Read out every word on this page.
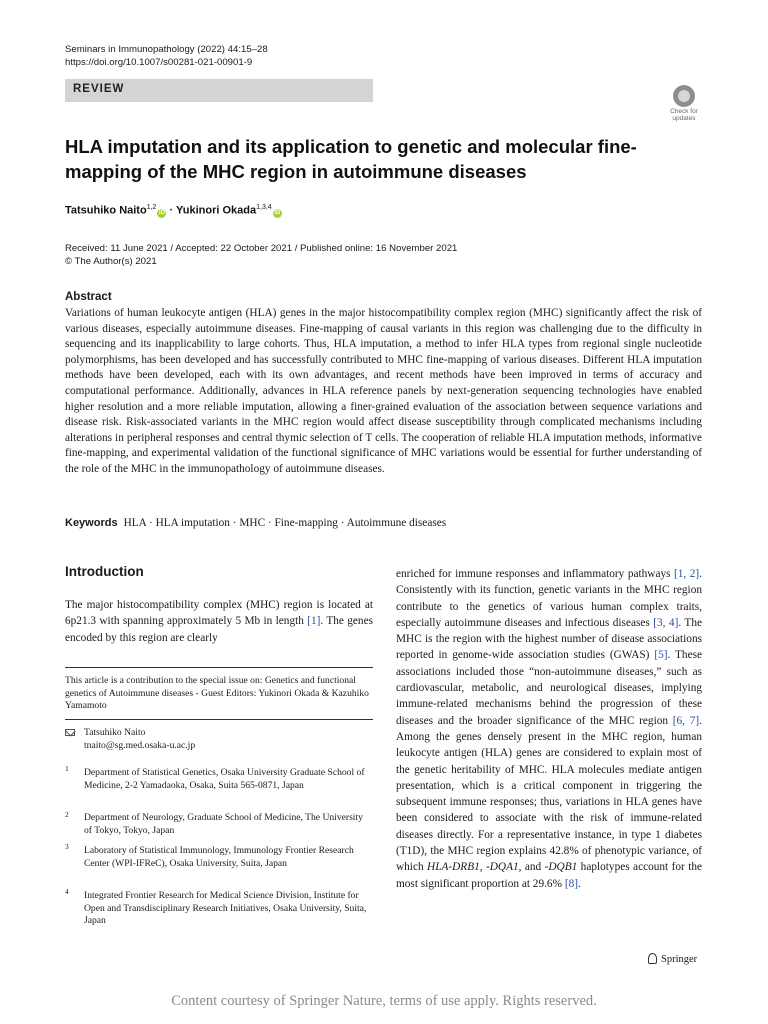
Seminars in Immunopathology (2022) 44:15–28
https://doi.org/10.1007/s00281-021-00901-9
REVIEW
Check for
updates
HLA imputation and its application to genetic and molecular fine-mapping of the MHC region in autoimmune diseases
Tatsuhiko Naito$^{1,2}$iD · Yukinori Okada$^{1,3,4}$iD
Received: 11 June 2021 / Accepted: 22 October 2021 / Published online: 16 November 2021
© The Author(s) 2021
Abstract
Variations of human leukocyte antigen (HLA) genes in the major histocompatibility complex region (MHC) significantly affect the risk of various diseases, especially autoimmune diseases. Fine-mapping of causal variants in this region was challenging due to the difficulty in sequencing and its inapplicability to large cohorts. Thus, HLA imputation, a method to infer HLA types from regional single nucleotide polymorphisms, has been developed and has successfully contributed to MHC fine-mapping of various diseases. Different HLA imputation methods have been developed, each with its own advantages, and recent methods have been improved in terms of accuracy and computational performance. Additionally, advances in HLA reference panels by next-generation sequencing technologies have enabled higher resolution and a more reliable imputation, allowing a finer-grained evaluation of the association between sequence variations and disease risk. Risk-associated variants in the MHC region would affect disease susceptibility through complicated mechanisms including alterations in peripheral responses and central thymic selection of T cells. The cooperation of reliable HLA imputation methods, informative fine-mapping, and experimental validation of the functional significance of MHC variations would be essential for further understanding of the role of the MHC in the immunopathology of autoimmune diseases.
Keywords HLA · HLA imputation · MHC · Fine-mapping · Autoimmune diseases
Introduction
The major histocompatibility complex (MHC) region is located at 6p21.3 with spanning approximately 5 Mb in length [1]. The genes encoded by this region are clearly
This article is a contribution to the special issue on: Genetics and functional genetics of Autoimmune diseases - Guest Editors: Yukinori Okada & Kazuhiko Yamamoto
Tatsuhiko Naito
tnaito@sg.med.osaka-u.ac.jp
1 Department of Statistical Genetics, Osaka University Graduate School of Medicine, 2-2 Yamadaoka, Osaka, Suita 565-0871, Japan
2 Department of Neurology, Graduate School of Medicine, The University of Tokyo, Tokyo, Japan
3 Laboratory of Statistical Immunology, Immunology Frontier Research Center (WPI-IFReC), Osaka University, Suita, Japan
4 Integrated Frontier Research for Medical Science Division, Institute for Open and Transdisciplinary Research Initiatives, Osaka University, Suita, Japan
enriched for immune responses and inflammatory pathways [1, 2]. Consistently with its function, genetic variants in the MHC region contribute to the genetics of various human complex traits, especially autoimmune diseases and infectious diseases [3, 4]. The MHC is the region with the highest number of disease associations reported in genome-wide association studies (GWAS) [5]. These associations included those “non-autoimmune diseases,” such as cardiovascular, metabolic, and neurological diseases, implying immune-related mechanisms behind the progression of these diseases and the broader significance of the MHC region [6, 7]. Among the genes densely present in the MHC region, human leukocyte antigen (HLA) genes are considered to explain most of the genetic heritability of MHC. HLA molecules mediate antigen presentation, which is a critical component in triggering the subsequent immune responses; thus, variations in HLA genes have been considered to associate with the risk of immune-related diseases directly. For a representative instance, in type 1 diabetes (T1D), the MHC region explains 42.8% of phenotypic variance, of which HLA-DRB1, -DQA1, and -DQB1 haplotypes account for the most significant proportion at 29.6% [8].
Springer
Content courtesy of Springer Nature, terms of use apply. Rights reserved.
